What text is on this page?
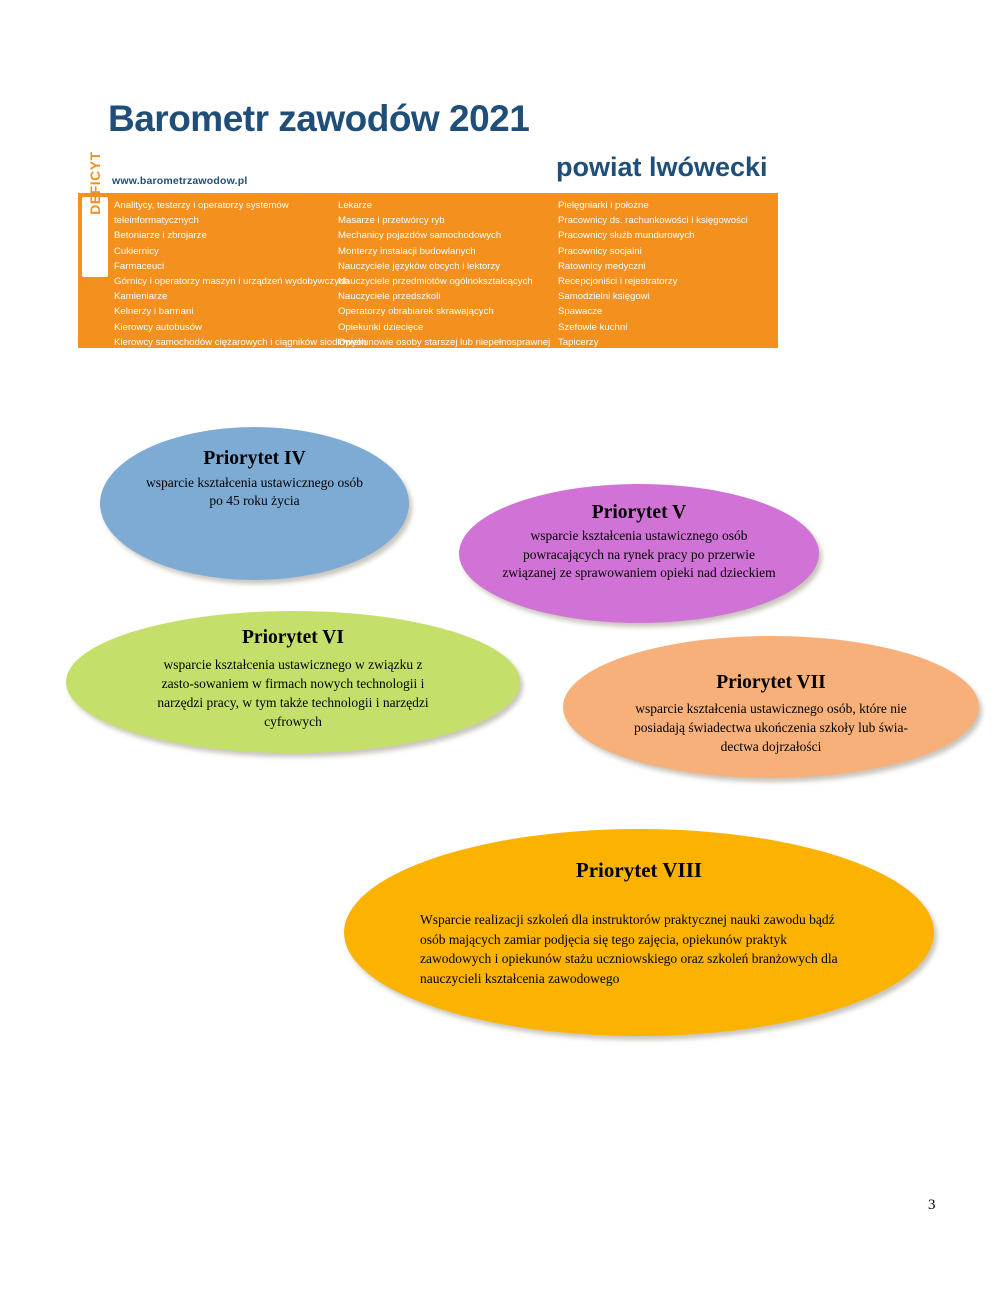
Barometr zawodów 2021
powiat lwówecki
www.barometrzawodow.pl
DEFICYT	Analitycy, testerzy i operatorzy systemów
teleinformatycznych
Betoniarze i zbrojarze
Cukiernicy
Farmaceuci
Górnicy i operatorzy maszyn i urządzeń wydobywczych
Kamieniarze
Kelnerzy i barmani
Kierowcy autobusów
Kierowcy samochodów ciężarowych i ciągników siodłowych
Kucharze
Lekarze
Masarze i przetwórcy ryb
Mechanicy pojazdów samochodowych
Monterzy instalacji budowlanych
Nauczyciele języków obcych i lektorzy
Nauczyciele przedmiotów ogólnokształcących
Nauczyciele przedszkoli
Operatorzy obrabiarek skrawających
Opiekunki dziecięce
Opiekunowie osoby starszej lub niepełnosprawnej
Piekarze
Pielęgniarki i położne
Pracownicy ds. rachunkowości i księgowości
Pracownicy służb mundurowych
Pracownicy socjalni
Ratownicy medyczni
Recepcjoniści i rejestratorzy
Samodzielni księgowi
Spawacze
Szefowie kuchni
Tapicerzy
Technicy informatycy
Priorytet IV
wsparcie kształcenia ustawicznego osób po 45 roku życia
Priorytet V
wsparcie kształcenia ustawicznego osób powracających na rynek pracy po przerwie związanej ze sprawowaniem opieki nad dzieckiem
Priorytet VI
wsparcie kształcenia ustawicznego w związku z zasto-sowaniem w firmach nowych technologii i narzędzi pracy, w tym także technologii i narzędzi cyfrowych
Priorytet VII
wsparcie kształcenia ustawicznego osób, które nie posiadają świadectwa ukończenia szkoły lub świa-dectwa dojrzałości
Priorytet VIII
Wsparcie realizacji szkoleń dla instruktorów praktycznej nauki zawodu bądź osób mających zamiar podjęcia się tego zajęcia, opiekunów praktyk zawodowych i opiekunów stażu uczniowskiego oraz szkoleń branżowych dla nauczycieli kształcenia zawodowego
3
